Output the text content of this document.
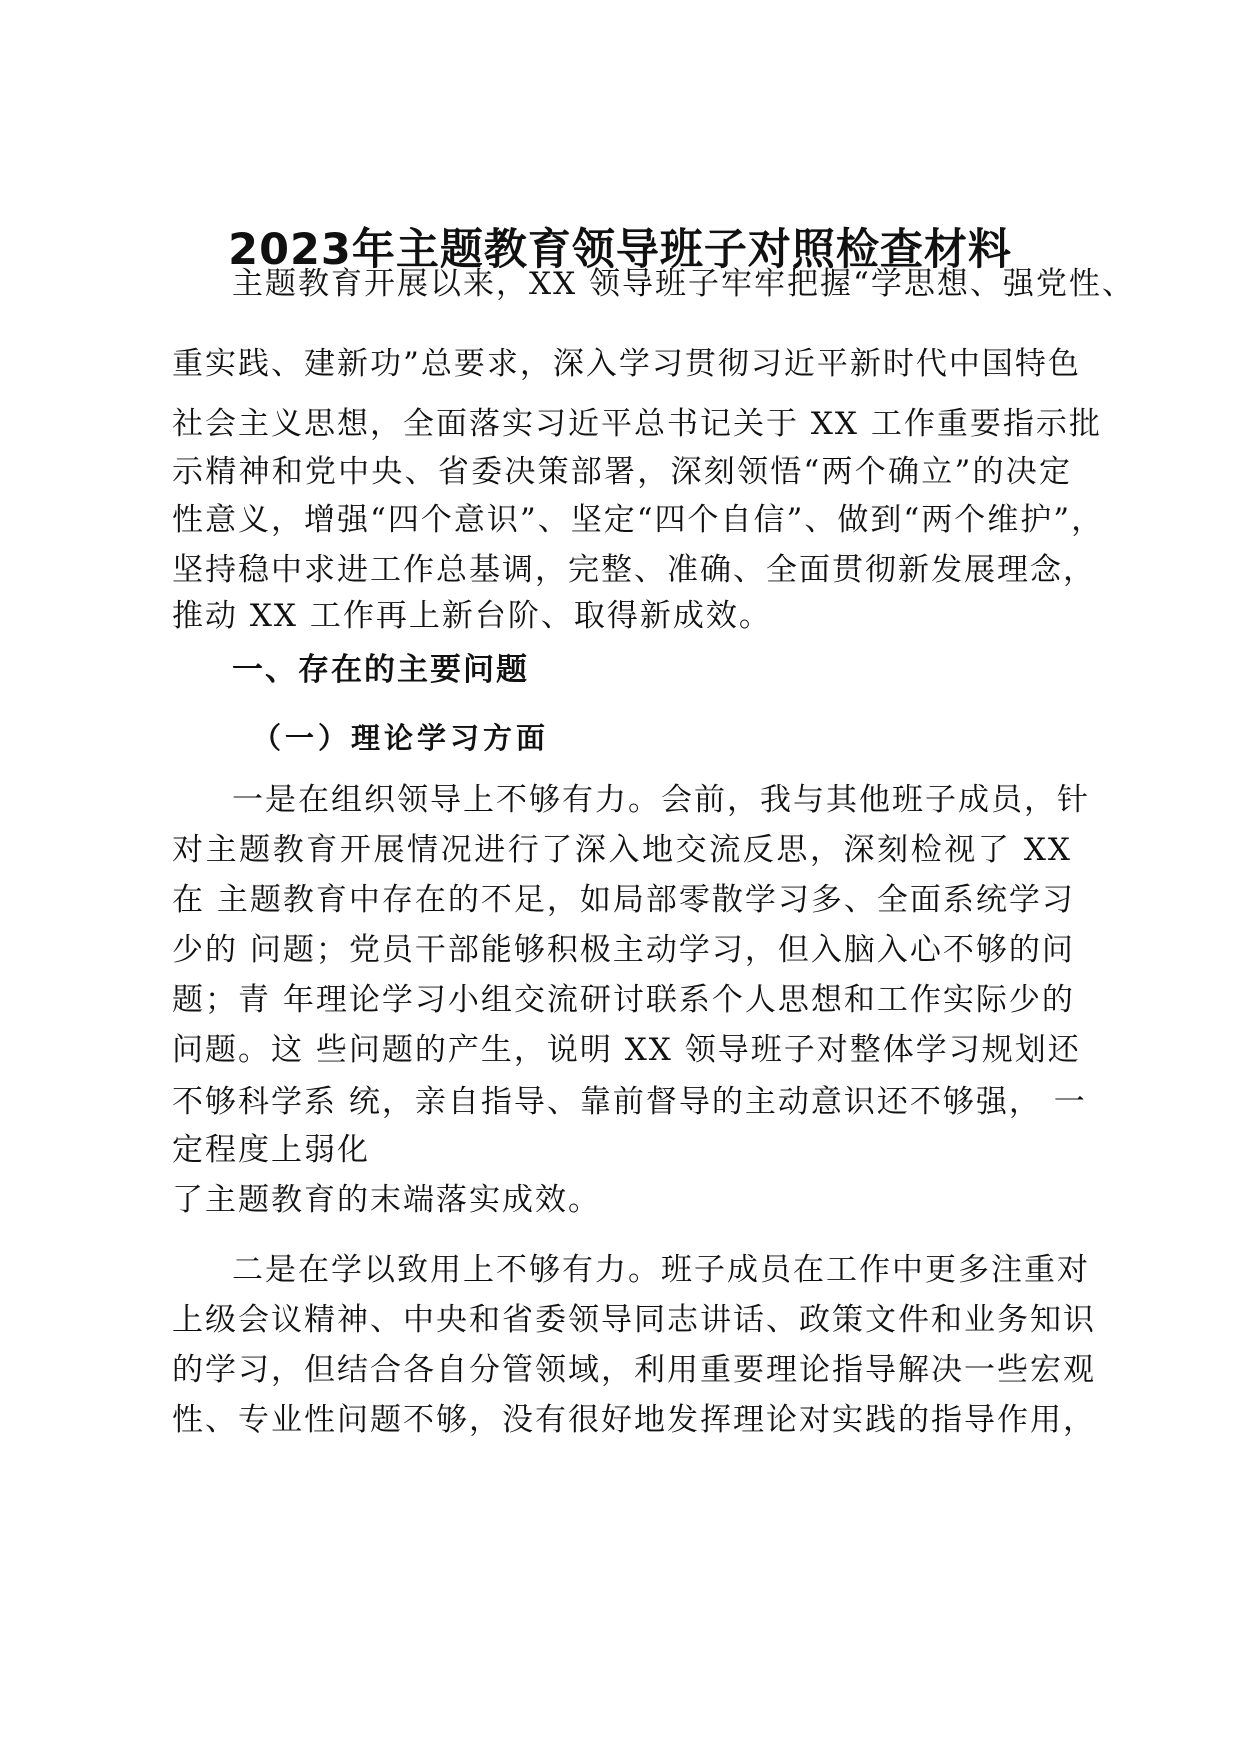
2023年主题教育领导班子对照检查材料
主题教育开展以来，XX 领导班子牢牢把握“学思想、强党性、
重实践、建新功”总要求，深入学习贯彻习近平新时代中国特色
社会主义思想，全面落实习近平总书记关于 XX 工作重要指示批
示精神和党中央、省委决策部署，深刻领悟“两个确立”的决定
性意义，增强“四个意识”、坚定“四个自信”、做到“两个维护”，
坚持稳中求进工作总基调，完整、准确、全面贯彻新发展理念，
推动 XX 工作再上新台阶、取得新成效。
一、存在的主要问题
（一）理论学习方面
一是在组织领导上不够有力。会前，我与其他班子成员，针
对主题教育开展情况进行了深入地交流反思，深刻检视了 XX
在 主题教育中存在的不足，如局部零散学习多、全面系统学习
少的 问题；党员干部能够积极主动学习，但入脑入心不够的问
题；青 年理论学习小组交流研讨联系个人思想和工作实际少的
问题。这 些问题的产生，说明 XX 领导班子对整体学习规划还
不够科学系 统，亲自指导、靠前督导的主动意识还不够强， 一
定程度上弱化
了主题教育的末端落实成效。
二是在学以致用上不够有力。班子成员在工作中更多注重对
上级会议精神、中央和省委领导同志讲话、政策文件和业务知识
的学习，但结合各自分管领域，利用重要理论指导解决一些宏观
性、专业性问题不够，没有很好地发挥理论对实践的指导作用，
